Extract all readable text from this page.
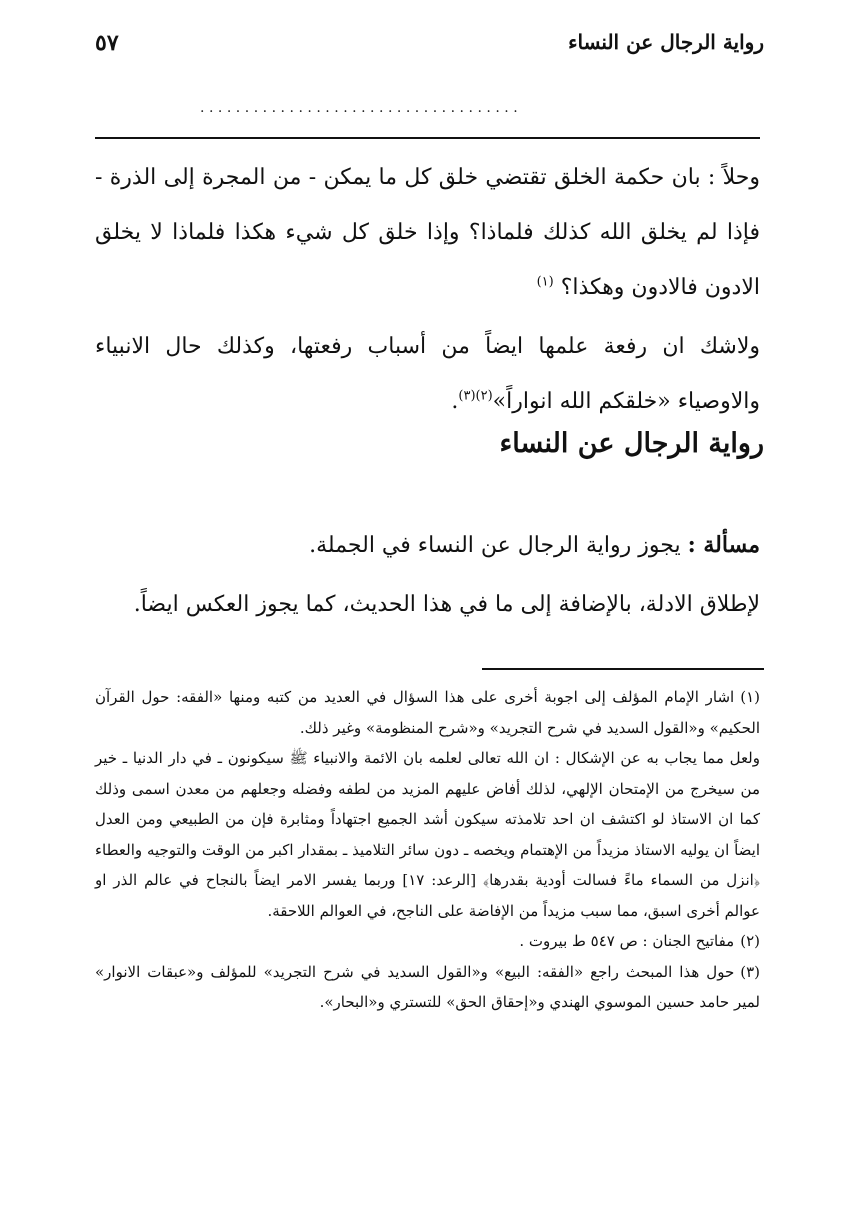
رواية الرجال عن النساء
٥٧
....................................

وحلاً : بان حكمة الخلق تقتضي خلق كل ما يمكن - من المجرة إلى الذرة - فإذا لم يخلق الله كذلك فلماذا؟ وإذا خلق كل شيء هكذا فلماذا لا يخلق الادون فالادون وهكذا؟ $^{(١)}$

ولاشك ان رفعة علمها ايضاً من أسباب رفعتها، وكذلك حال الانبياء والاوصياء «خلقكم الله انواراً»$^{(٢)(٣)}$.

رواية الرجال عن النساء

مسألة : يجوز رواية الرجال عن النساء في الجملة.

لإطلاق الادلة، بالإضافة إلى ما في هذا الحديث، كما يجوز العكس ايضاً.

(١)اشار الإمام المؤلف إلى اجوبة أخرى على هذا السؤال في العديد من كتبه ومنها «الفقه: حول القرآن الحكيم» و«القول السديد في شرح التجريد» و«شرح المنظومة» وغير ذلك.

ولعل مما يجاب به عن الإشكال : ان الله تعالى لعلمه بان الائمة والانبياء ﷺ سيكونون ـ في دار الدنيا ـ خير من سيخرج من الإمتحان الإلهي، لذلك أفاض عليهم المزيد من لطفه وفضله وجعلهم من معدن اسمى وذلك كما ان الاستاذ لو اكتشف ان احد تلامذته سيكون أشد الجميع اجتهاداً ومثابرة فإن من الطبيعي ومن العدل ايضاً ان يوليه الاستاذ مزيداً من الإهتمام ويخصه ـ دون سائر التلاميذ ـ بمقدار اكبر من الوقت والتوجيه والعطاء ﴿انزل من السماء ماءً فسالت أودية بقدرها﴾ [الرعد: ١٧] وربما يفسر الامر ايضاً بالنجاح في عالم الذر او عوالم أخرى اسبق، مما سبب مزيداً من الإفاضة على الناجح، في العوالم اللاحقة.

(٢)مفاتيح الجنان : ص ٥٤٧ ط بيروت .

(٣)حول هذا المبحث راجع «الفقه: البيع» و«القول السديد في شرح التجريد» للمؤلف و«عبقات الانوار» لمير حامد حسين الموسوي الهندي و«إحقاق الحق» للتستري و«البحار».
